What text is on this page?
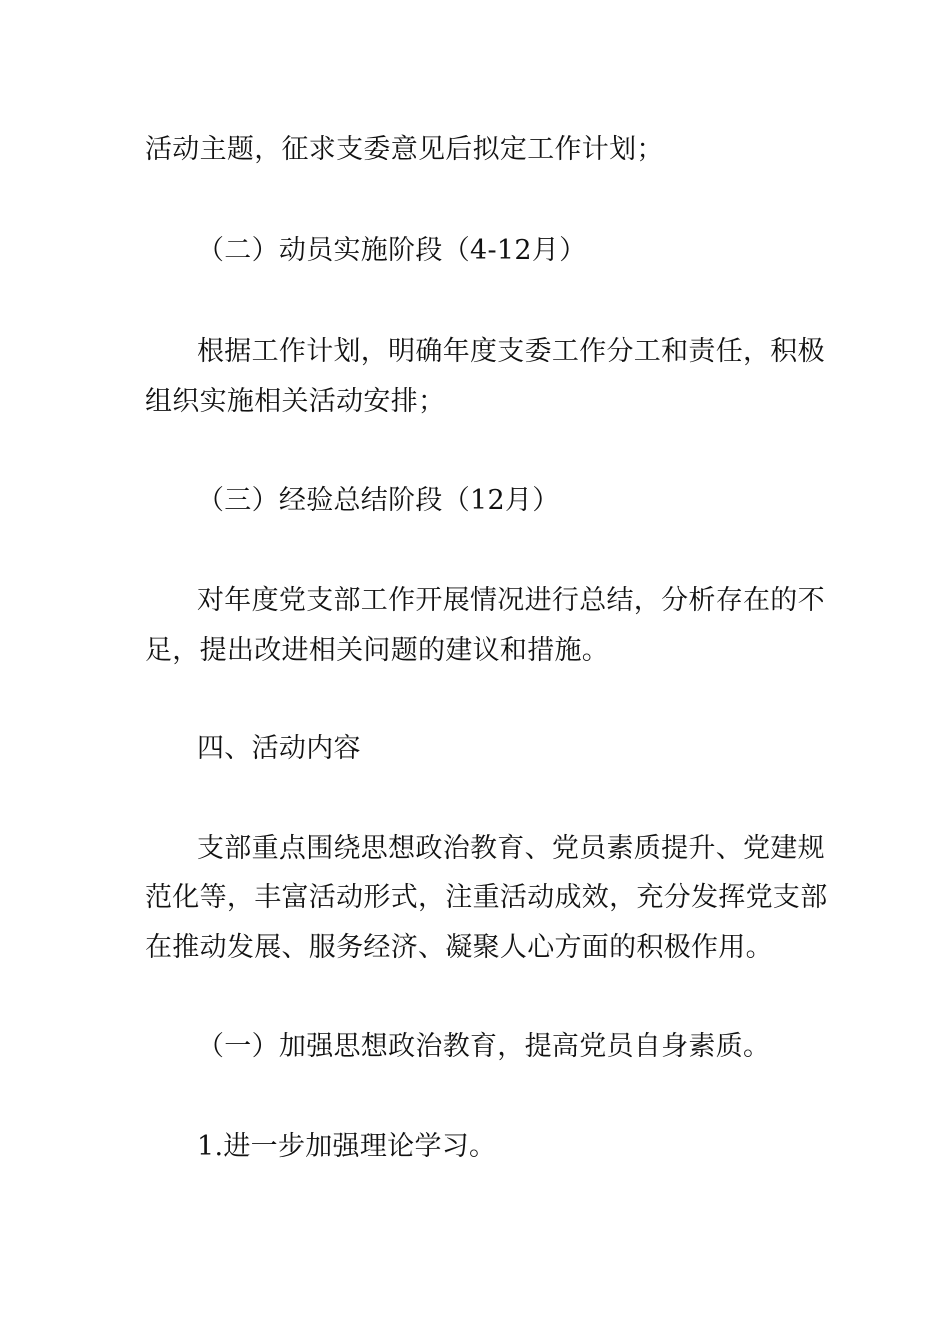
活动主题，征求支委意见后拟定工作计划；
（二）动员实施阶段（4-12月）
根据工作计划，明确年度支委工作分工和责任，积极
组织实施相关活动安排；
（三）经验总结阶段（12月）
对年度党支部工作开展情况进行总结，分析存在的不
足，提出改进相关问题的建议和措施。
四、活动内容
支部重点围绕思想政治教育、党员素质提升、党建规
范化等，丰富活动形式，注重活动成效，充分发挥党支部
在推动发展、服务经济、凝聚人心方面的积极作用。
（一）加强思想政治教育，提高党员自身素质。
1.进一步加强理论学习。
